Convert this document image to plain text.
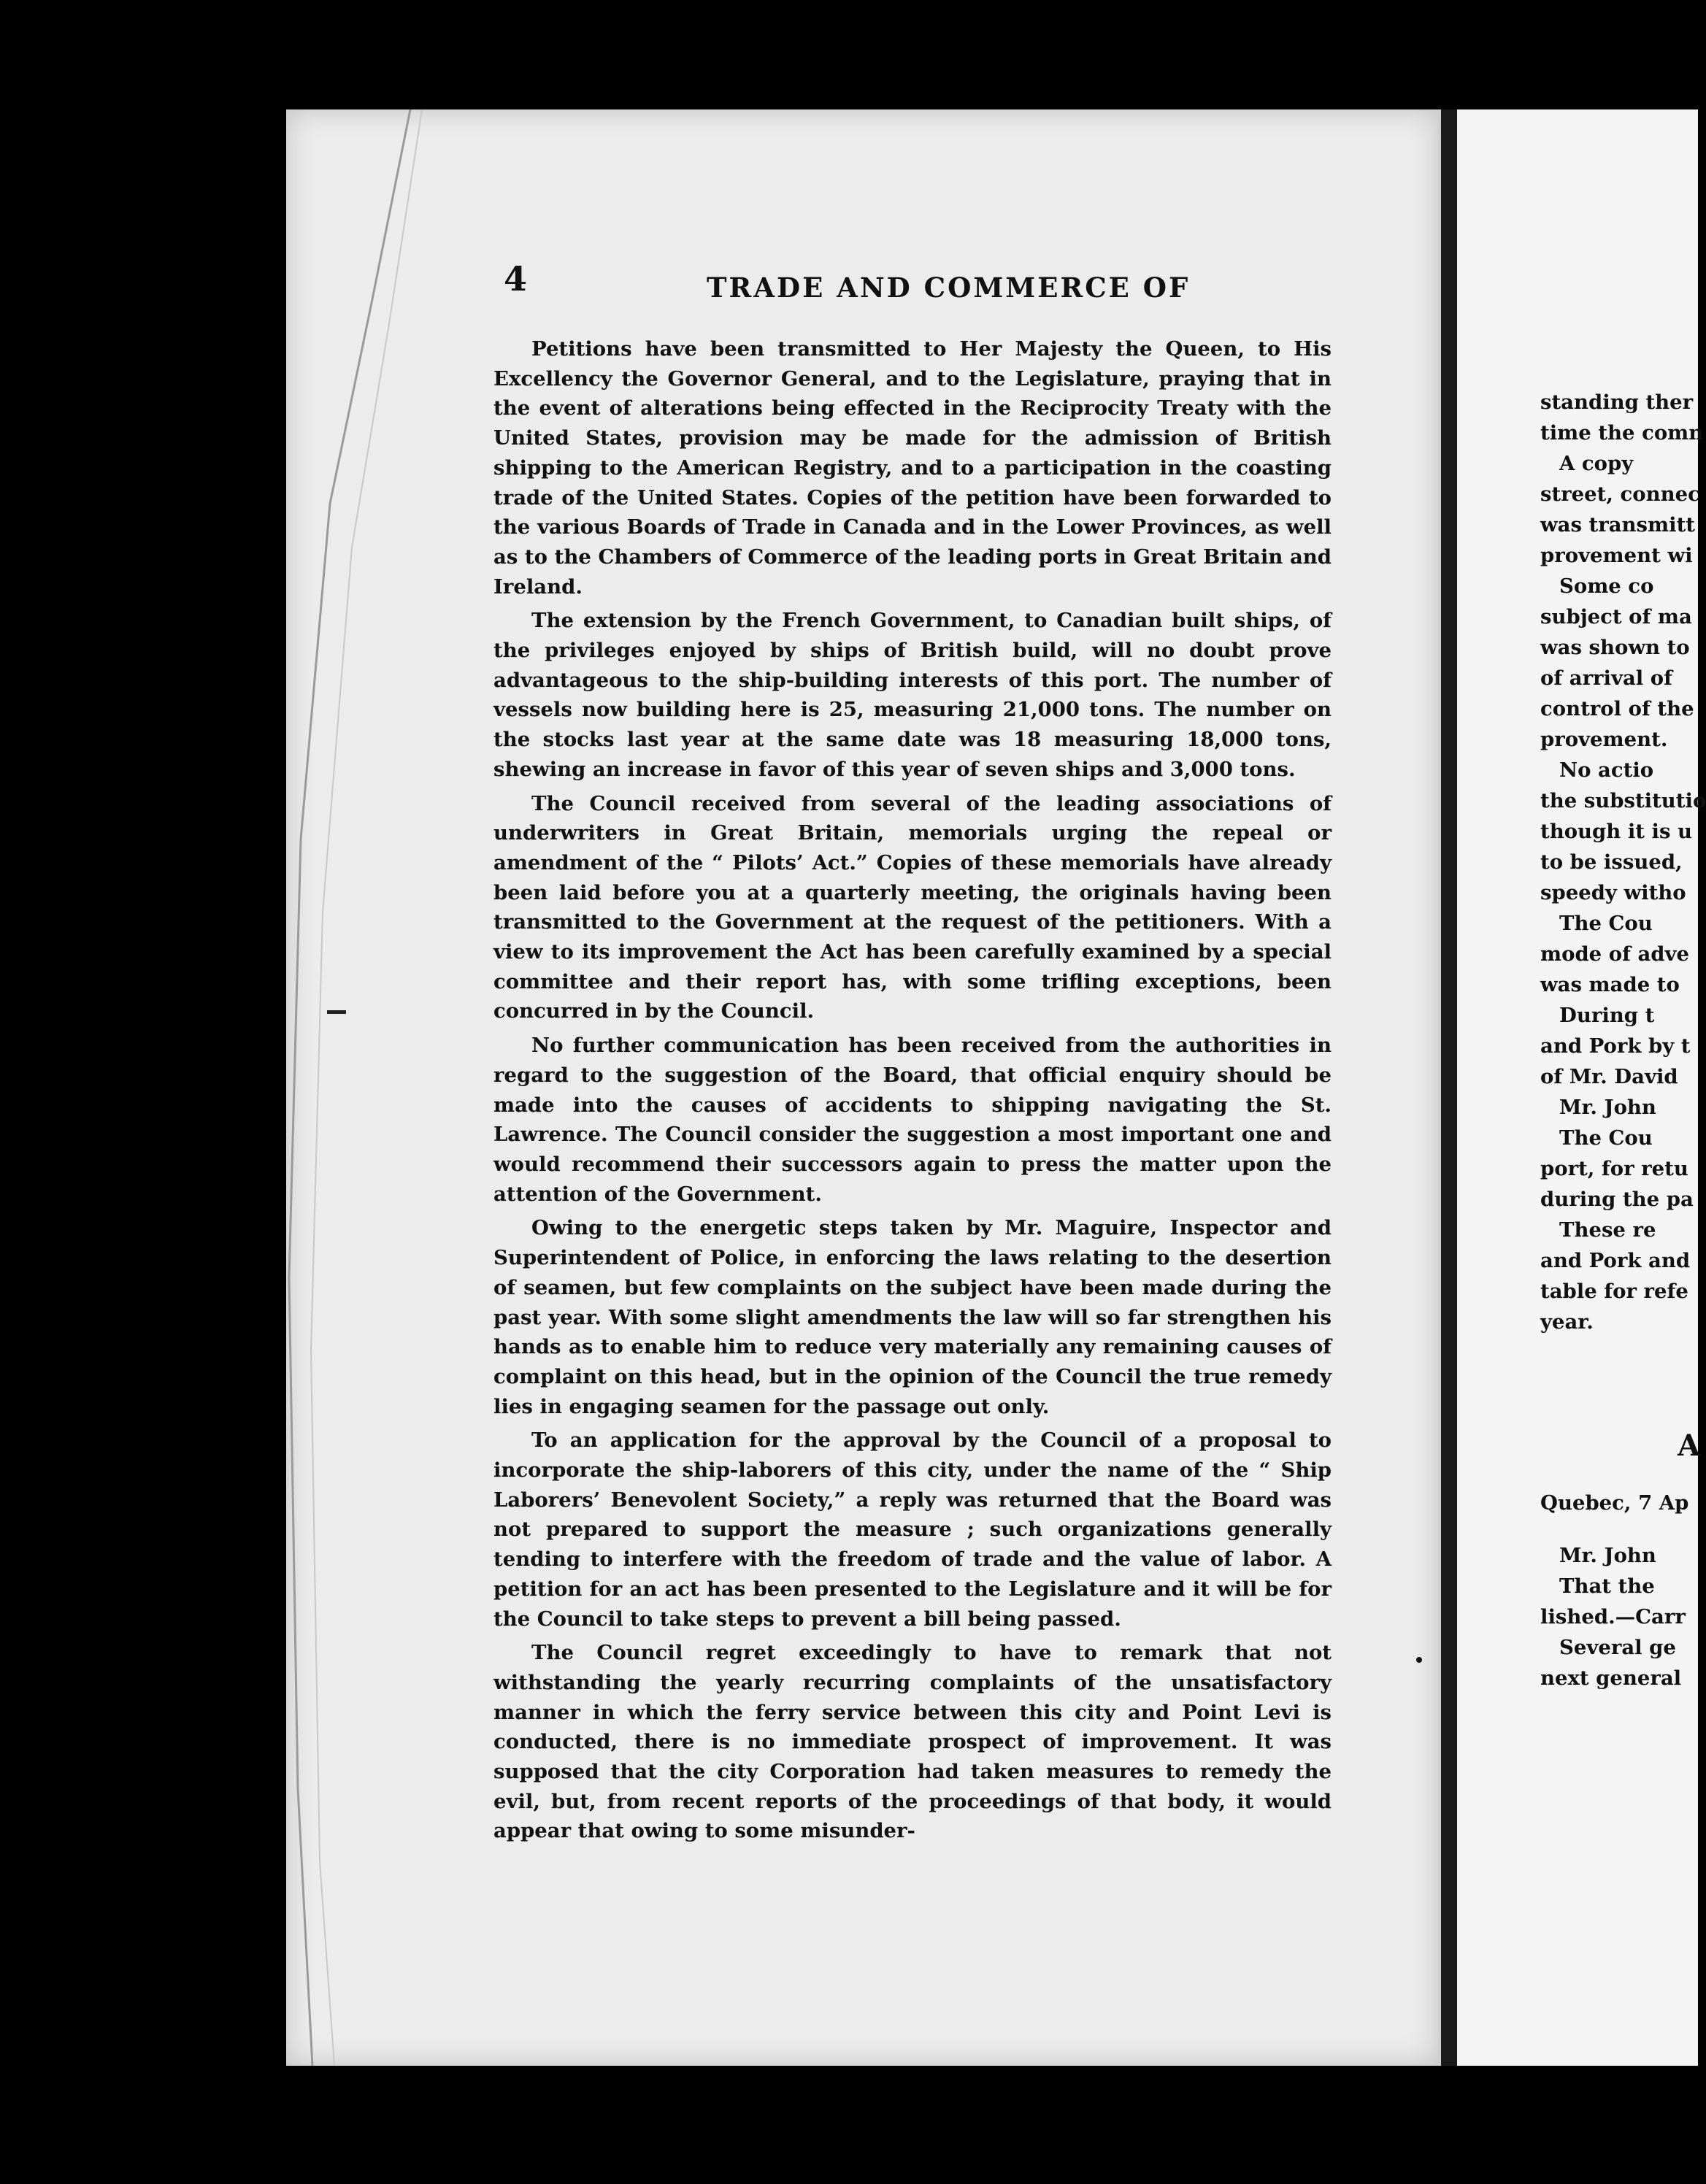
4	TRADE AND COMMERCE OF

Petitions have been transmitted to Her Majesty the Queen, to His Excellency the Governor General, and to the Legislature, praying that in the event of alterations being effected in the Reciprocity Treaty with the United States, provision may be made for the admission of British shipping to the American Registry, and to a participation in the coasting trade of the United States. Copies of the petition have been forwarded to the various Boards of Trade in Canada and in the Lower Provinces, as well as to the Chambers of Commerce of the leading ports in Great Britain and Ireland.

The extension by the French Government, to Canadian built ships, of the privileges enjoyed by ships of British build, will no doubt prove advantageous to the ship-building interests of this port. The number of vessels now building here is 25, measuring 21,000 tons. The number on the stocks last year at the same date was 18 measuring 18,000 tons, shewing an increase in favor of this year of seven ships and 3,000 tons.

The Council received from several of the leading associations of underwriters in Great Britain, memorials urging the repeal or amendment of the “ Pilots’ Act.” Copies of these memorials have already been laid before you at a quarterly meeting, the originals having been transmitted to the Government at the request of the petitioners. With a view to its improvement the Act has been carefully examined by a special committee and their report has, with some trifling exceptions, been concurred in by the Council.

No further communication has been received from the authorities in regard to the suggestion of the Board, that official enquiry should be made into the causes of accidents to shipping navigating the St. Lawrence. The Council consider the suggestion a most important one and would recommend their successors again to press the matter upon the attention of the Government.

Owing to the energetic steps taken by Mr. Maguire, Inspector and Superintendent of Police, in enforcing the laws relating to the desertion of seamen, but few complaints on the subject have been made during the past year. With some slight amendments the law will so far strengthen his hands as to enable him to reduce very materially any remaining causes of complaint on this head, but in the opinion of the Council the true remedy lies in engaging seamen for the passage out only.

To an application for the approval by the Council of a proposal to incorporate the ship-laborers of this city, under the name of the “ Ship Laborers’ Benevolent Society,” a reply was returned that the Board was not prepared to support the measure ; such organizations generally tending to interfere with the freedom of trade and the value of labor. A petition for an act has been presented to the Legislature and it will be for the Council to take steps to prevent a bill being passed.

The Council regret exceedingly to have to remark that not withstanding the yearly recurring complaints of the unsatisfactory manner in which the ferry service between this city and Point Levi is conducted, there is no immediate prospect of improvement. It was supposed that the city Corporation had taken measures to remedy the evil, but, from recent reports of the proceedings of that body, it would appear that owing to some misunder-

standing ther
time the comn
A copy
street, connec
was transmitt
provement wi
Some co
subject of ma
was shown to
of arrival of
control of the
provement.
No actio
the substitutio
though it is u
to be issued,
speedy witho
The Cou
mode of adve
was made to
During t
and Pork by t
of Mr. David
Mr. John
The Cou
port, for retu
during the pa
These re
and Pork and
table for refe
year.
A
Quebec, 7 Ap
Mr. John
That the
lished.—Carr
Several ge
next general
